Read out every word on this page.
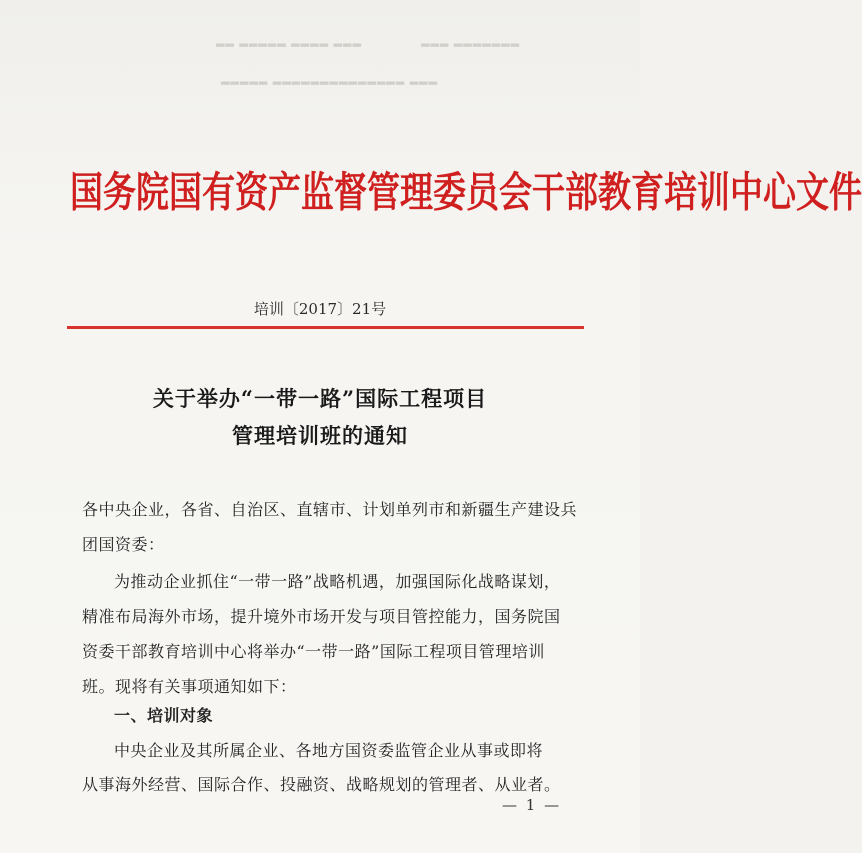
▂▂▂ ▂▂▂▂ ▂▂▂▂▂ ▂▂	▂▂▂▂▂▂▂ ▂▂▂
▂▂▂ ▂▂▂▂▂▂▂▂▂▂▂▂▂▂ ▂▂▂▂▂
国务院国有资产监督管理委员会干部教育培训中心文件
培训〔2017〕21号
关于举办“一带一路”国际工程项目
管理培训班的通知
各中央企业，各省、自治区、直辖市、计划单列市和新疆生产建设兵
团国资委：
为推动企业抓住“一带一路”战略机遇，加强国际化战略谋划，
精准布局海外市场，提升境外市场开发与项目管控能力，国务院国
资委干部教育培训中心将举办“一带一路”国际工程项目管理培训
班。现将有关事项通知如下：
一、培训对象
中央企业及其所属企业、各地方国资委监管企业从事或即将
从事海外经营、国际合作、投融资、战略规划的管理者、从业者。
— 1 —
